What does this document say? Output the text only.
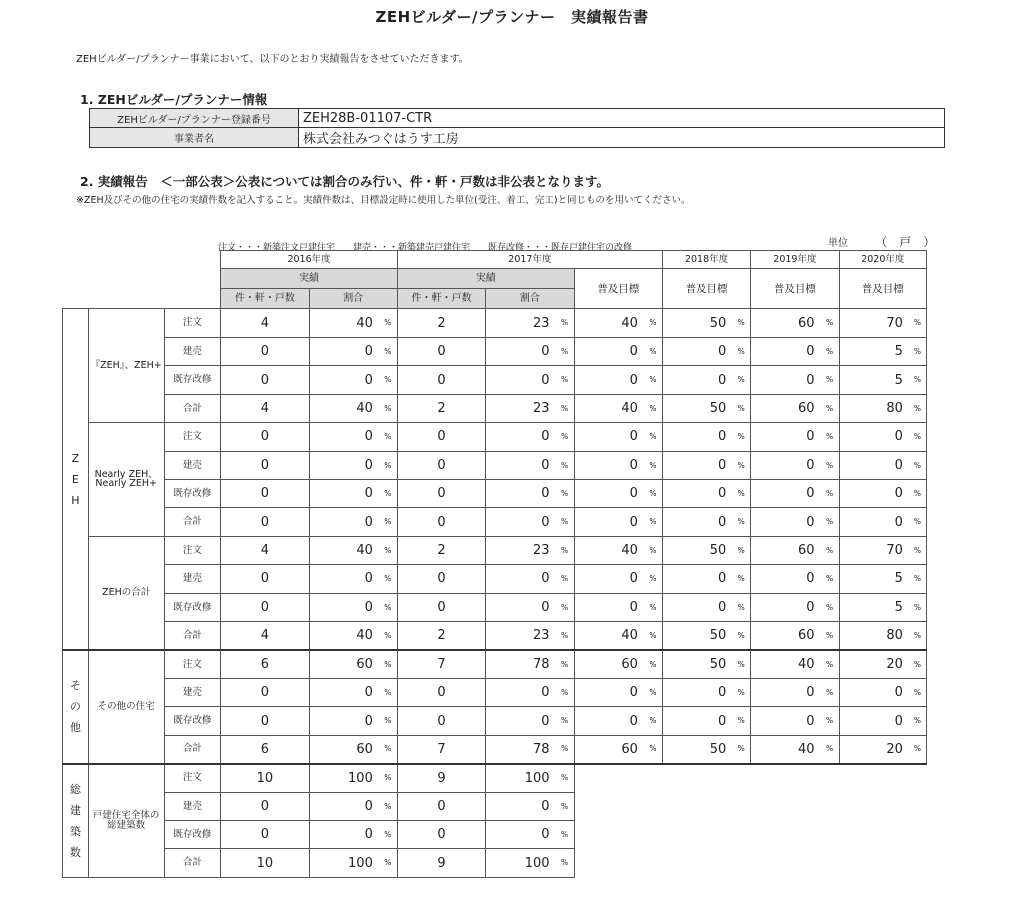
ZEHビルダー/プランナー　実績報告書
ZEHビルダー/プランナー事業において、以下のとおり実績報告をさせていただきます。
1. ZEHビルダー/プランナー情報
ZEHビルダー/プランナー登録番号	ZEH28B-01107-CTR
事業者名	株式会社みつぐはうす工房
2. 実績報告　＜一部公表＞公表については割合のみ行い、件・軒・戸数は非公表となります。
※ZEH及びその他の住宅の実績件数を記入すること。実績件数は、目標設定時に使用した単位(受注、着工、完工)と同じものを用いてください。
注文・・・新築注文戸建住宅　　建売・・・新築建売戸建住宅　　既存改修・・・既存戸建住宅の改修	単位 （　戸　）
			2016年度			2017年度					2018年度		2019年度		2020年度	
			実績			実績			普及目標		普及目標		普及目標		普及目標	
			件・軒・戸数	割合		件・軒・戸数	割合									

Z
E
H	『ZEH』、ZEH+	注文	4	40	%	2	23	%	40	%	50	%	60	%	70	%
		建売	0	0	%	0	0	%	0	%	0	%	0	%	5	%
		既存改修	0	0	%	0	0	%	0	%	0	%	0	%	5	%
		合計	4	40	%	2	23	%	40	%	50	%	60	%	80	%
	Nearly ZEH、Nearly ZEH+	注文	0	0	%	0	0	%	0	%	0	%	0	%	0	%
		建売	0	0	%	0	0	%	0	%	0	%	0	%	0	%
		既存改修	0	0	%	0	0	%	0	%	0	%	0	%	0	%
		合計	0	0	%	0	0	%	0	%	0	%	0	%	0	%
	ZEHの合計	注文	4	40	%	2	23	%	40	%	50	%	60	%	70	%
		建売	0	0	%	0	0	%	0	%	0	%	0	%	5	%
		既存改修	0	0	%	0	0	%	0	%	0	%	0	%	5	%
		合計	4	40	%	2	23	%	40	%	50	%	60	%	80	%

そ
の
他	その他の住宅	注文	6	60	%	7	78	%	60	%	50	%	40	%	20	%
		建売	0	0	%	0	0	%	0	%	0	%	0	%	0	%
		既存改修	0	0	%	0	0	%	0	%	0	%	0	%	0	%
		合計	6	60	%	7	78	%	60	%	50	%	40	%	20	%

総
建
築
数	戸建住宅全体の総建築数	注文	10	100	%	9	100	%								
		建売	0	0	%	0	0	%								
		既存改修	0	0	%	0	0	%								
		合計	10	100	%	9	100	%								
